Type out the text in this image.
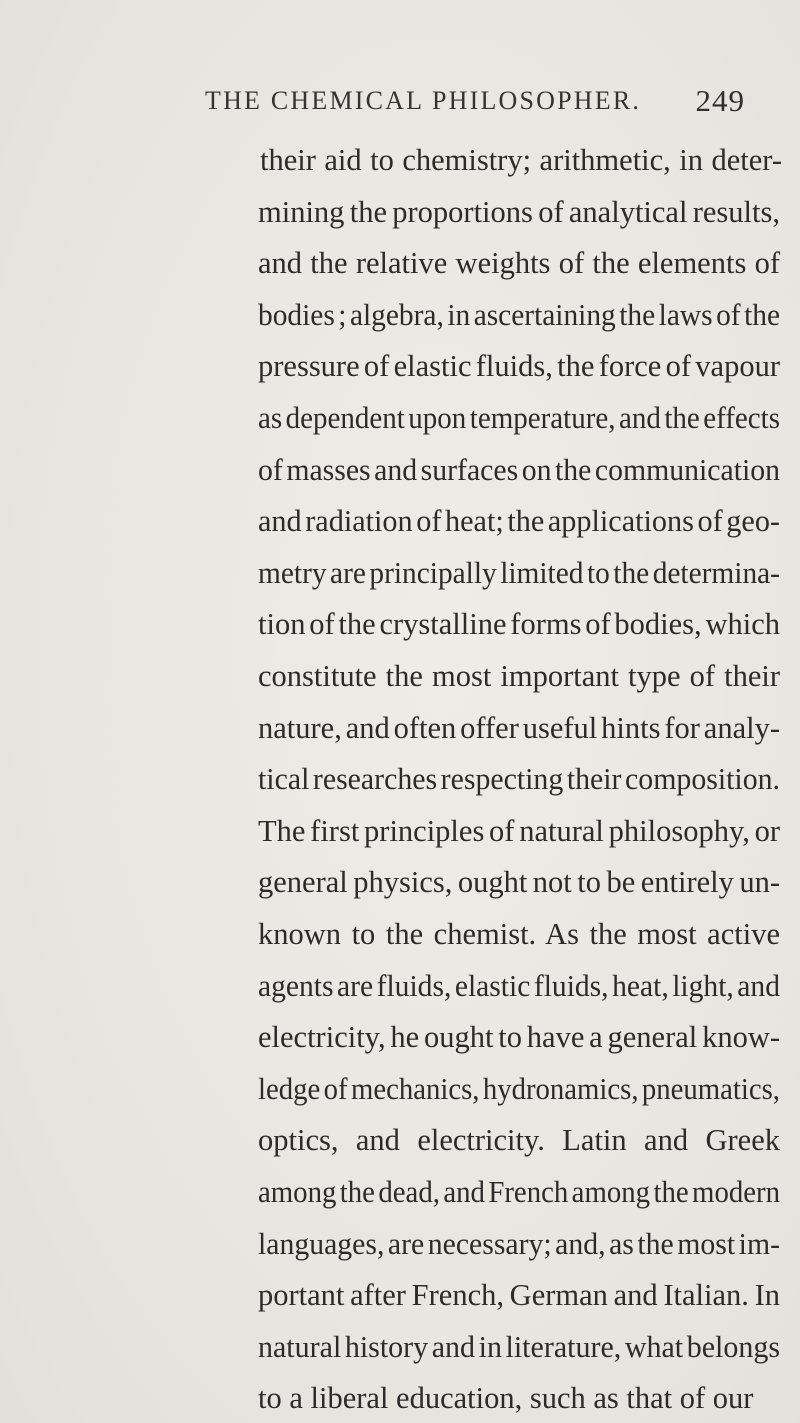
THE CHEMICAL PHILOSOPHER. 249
their aid to chemistry; arithmetic, in deter-
mining the proportions of analytical results,
and the relative weights of the elements of
bodies ; algebra, in ascertaining the laws of the
pressure of elastic fluids, the force of vapour
as dependent upon temperature, and the effects
of masses and surfaces on the communication
and radiation of heat; the applications of geo-
metry are principally limited to the determina-
tion of the crystalline forms of bodies, which
constitute the most important type of their
nature, and often offer useful hints for analy-
tical researches respecting their composition.
The first principles of natural philosophy, or
general physics, ought not to be entirely un-
known to the chemist. As the most active
agents are fluids, elastic fluids, heat, light, and
electricity, he ought to have a general know-
ledge of mechanics, hydronamics, pneumatics,
optics, and electricity. Latin and Greek
among the dead, and French among the modern
languages, are necessary; and, as the most im-
portant after French, German and Italian. In
natural history and in literature, what belongs
to a liberal education, such as that of our
